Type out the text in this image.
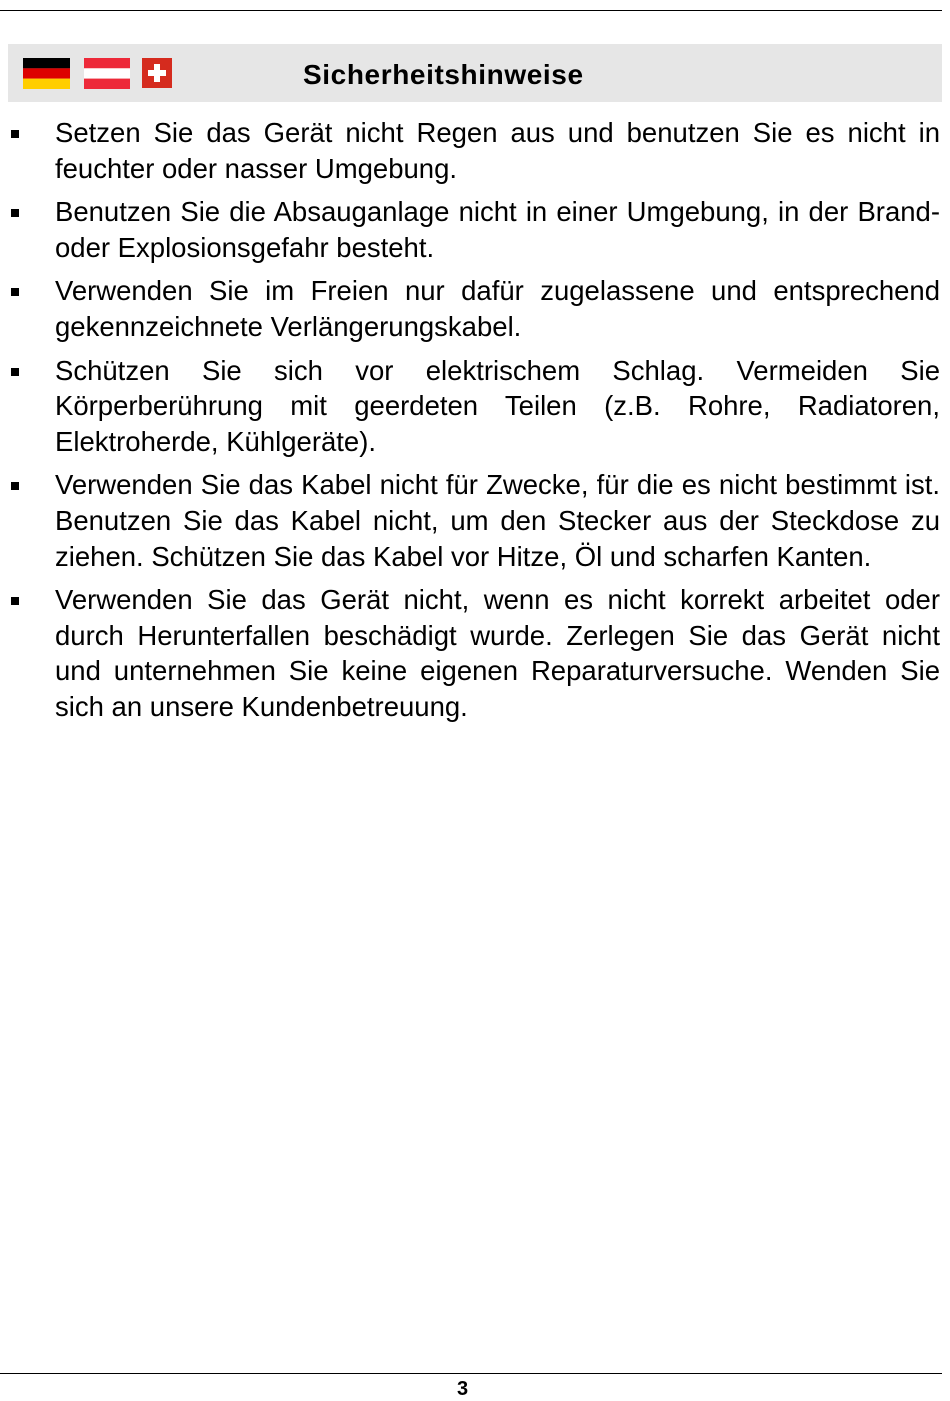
Sicherheitshinweise
Setzen Sie das Gerät nicht Regen aus und benutzen Sie es nicht in feuchter oder nasser Umgebung.
Benutzen Sie die Absauganlage nicht in einer Umgebung, in der Brand- oder Explosionsgefahr besteht.
Verwenden Sie im Freien nur dafür zugelassene und entsprechend gekennzeichnete Verlängerungskabel.
Schützen Sie sich vor elektrischem Schlag. Vermeiden Sie Körperberührung mit geerdeten Teilen (z.B. Rohre, Radiatoren, Elektroherde, Kühlgeräte).
Verwenden Sie das Kabel nicht für Zwecke, für die es nicht bestimmt ist. Benutzen Sie das Kabel nicht, um den Stecker aus der Steckdose zu ziehen. Schützen Sie das Kabel vor Hitze, Öl und scharfen Kanten.
Verwenden Sie das Gerät nicht, wenn es nicht korrekt arbeitet oder durch Herunterfallen beschädigt wurde. Zerlegen Sie das Gerät nicht und unternehmen Sie keine eigenen Reparaturversuche. Wenden Sie sich an unsere Kundenbetreuung.
3
